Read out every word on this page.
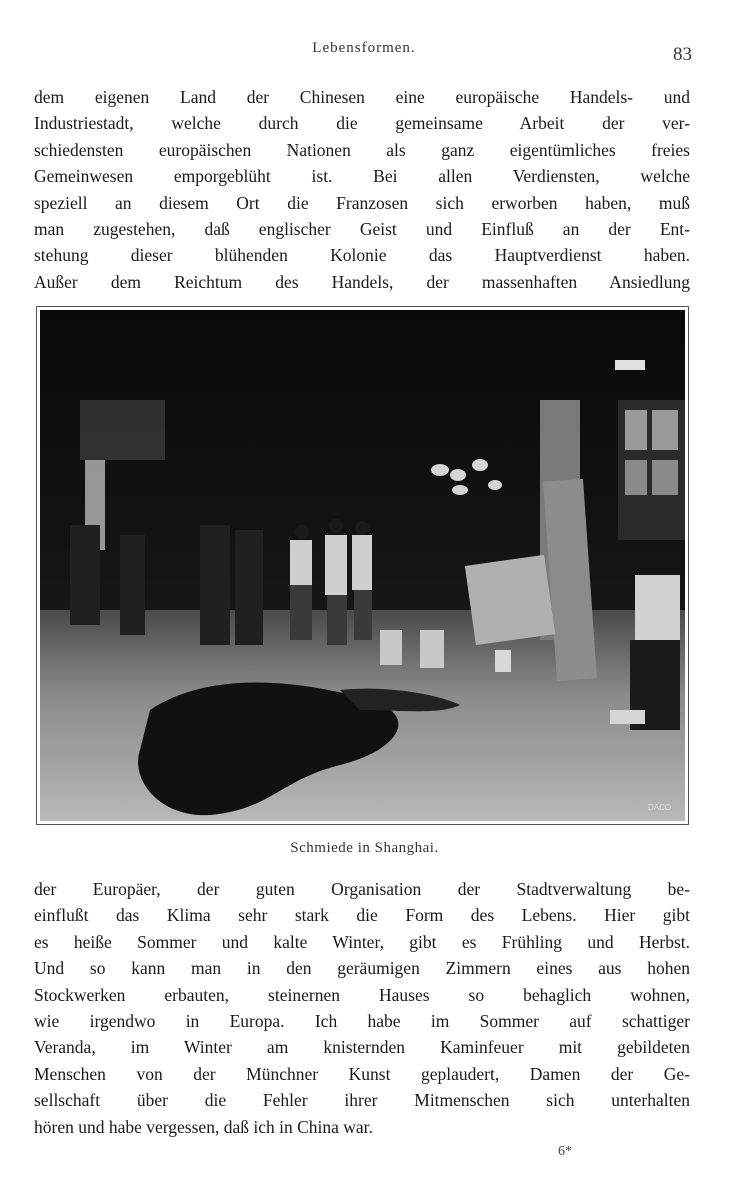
Lebensformen.	83
dem eigenen Land der Chinesen eine europäische Handels- und
Industriestadt, welche durch die gemeinsame Arbeit der ver-
schiedensten europäischen Nationen als ganz eigentümliches freies
Gemeinwesen emporgeblüht ist. Bei allen Verdiensten, welche
speziell an diesem Ort die Franzosen sich erworben haben, muß
man zugestehen, daß englischer Geist und Einfluß an der Ent-
stehung dieser blühenden Kolonie das Hauptverdienst haben.
Außer dem Reichtum des Handels, der massenhaften Ansiedlung
DACO
Schmiede in Shanghai.
der Europäer, der guten Organisation der Stadtverwaltung be-
einflußt das Klima sehr stark die Form des Lebens. Hier gibt
es heiße Sommer und kalte Winter, gibt es Frühling und Herbst.
Und so kann man in den geräumigen Zimmern eines aus hohen
Stockwerken erbauten, steinernen Hauses so behaglich wohnen,
wie irgendwo in Europa. Ich habe im Sommer auf schattiger
Veranda, im Winter am knisternden Kaminfeuer mit gebildeten
Menschen von der Münchner Kunst geplaudert, Damen der Ge-
sellschaft über die Fehler ihrer Mitmenschen sich unterhalten
hören und habe vergessen, daß ich in China war.
6*
